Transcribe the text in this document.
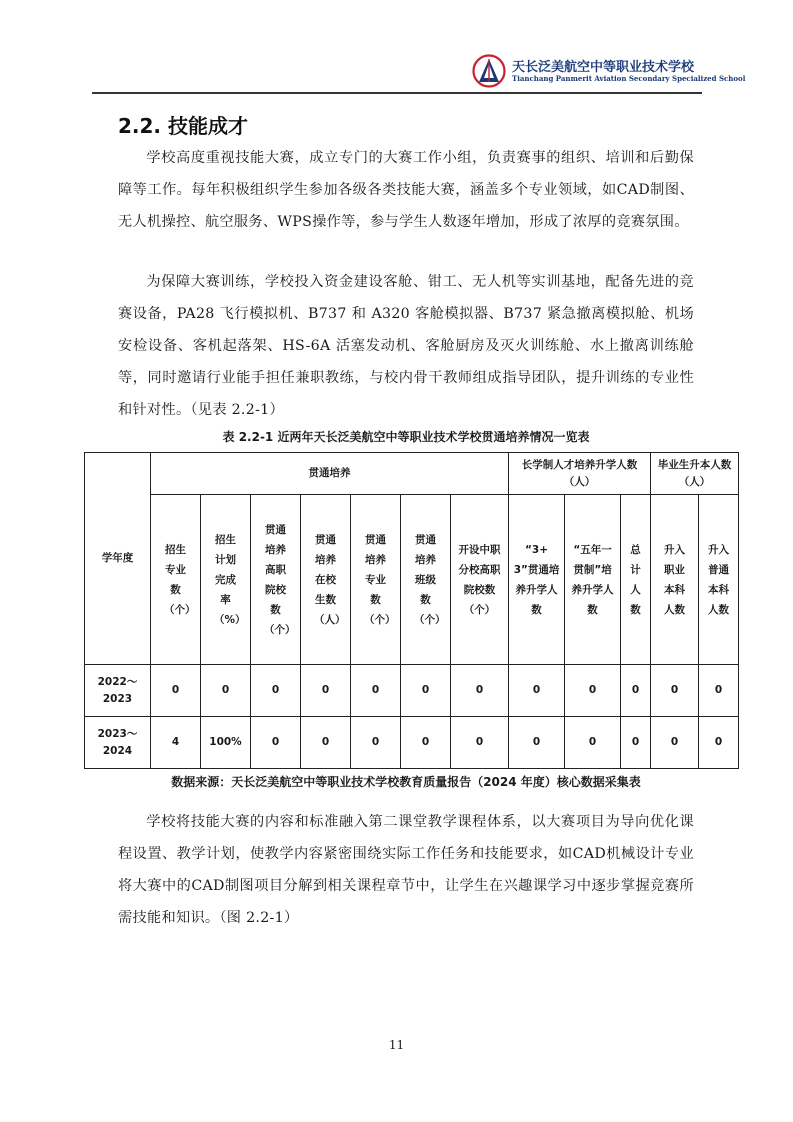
天长泛美航空中等职业技术学校
Tianchang Panmerit Aviation Secondary Specialized School
2.2. 技能成才

学校高度重视技能大赛，成立专门的大赛工作小组，负责赛事的组织、培训和后勤保障等工作。每年积极组织学生参加各级各类技能大赛，涵盖多个专业领域，如CAD制图、无人机操控、航空服务、WPS操作等，参与学生人数逐年增加，形成了浓厚的竞赛氛围。

为保障大赛训练，学校投入资金建设客舱、钳工、无人机等实训基地，配备先进的竞赛设备，PA28 飞行模拟机、B737 和 A320 客舱模拟器、B737 紧急撤离模拟舱、机场安检设备、客机起落架、HS-6A 活塞发动机、客舱厨房及灭火训练舱、水上撤离训练舱等，同时邀请行业能手担任兼职教练，与校内骨干教师组成指导团队，提升训练的专业性和针对性。（见表 2.2-1）

表 2.2-1 近两年天长泛美航空中等职业技术学校贯通培养情况一览表
学年度	贯通培养							长学制人才培养升学人数（人）			毕业生升本人数（人）	
	招生专业数（个）	招生计划完成率（%）	贯通培养高职院校数（个）	贯通培养在校生数（人）	贯通培养专业数（个）	贯通培养班级数（个）	开设中职分校高职院校数（个）	“3+3”贯通培养升学人数	“五年一贯制”培养升学人数	总计人数	升入职业本科人数	升入普通本科人数
2022～2023	0	0	0	0	0	0	0	0	0	0	0	0
2023～2024	4	100%	0	0	0	0	0	0	0	0	0	0
数据来源：天长泛美航空中等职业技术学校教育质量报告（2024 年度）核心数据采集表

学校将技能大赛的内容和标准融入第二课堂教学课程体系，以大赛项目为导向优化课程设置、教学计划，使教学内容紧密围绕实际工作任务和技能要求，如CAD机械设计专业将大赛中的CAD制图项目分解到相关课程章节中，让学生在兴趣课学习中逐步掌握竞赛所需技能和知识。（图 2.2-1）

11
